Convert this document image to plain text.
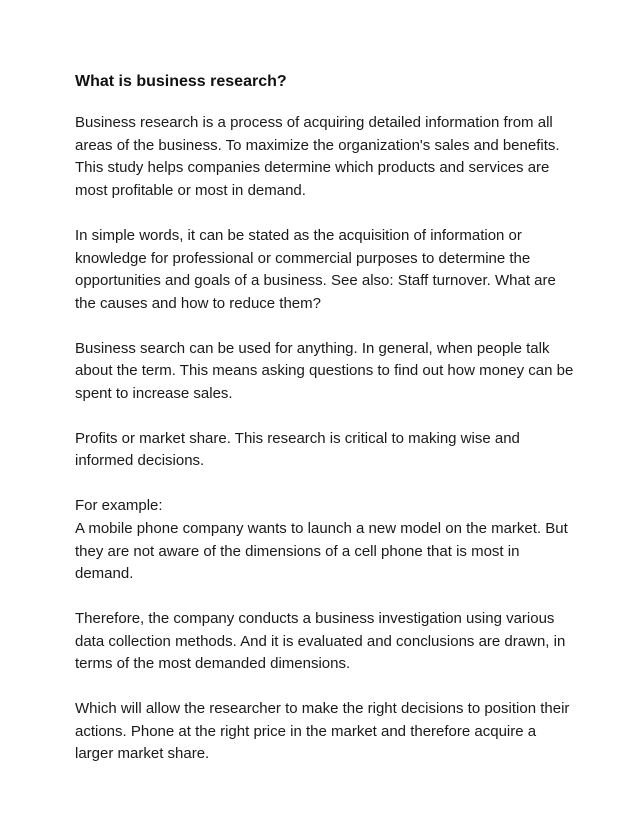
What is business research?

Business research is a process of acquiring detailed information from all
areas of the business. To maximize the organization's sales and benefits.
This study helps companies determine which products and services are
most profitable or most in demand.

In simple words, it can be stated as the acquisition of information or
knowledge for professional or commercial purposes to determine the
opportunities and goals of a business. See also: Staff turnover. What are
the causes and how to reduce them?

Business search can be used for anything. In general, when people talk
about the term. This means asking questions to find out how money can be
spent to increase sales.

Profits or market share. This research is critical to making wise and
informed decisions.

For example:
A mobile phone company wants to launch a new model on the market. But
they are not aware of the dimensions of a cell phone that is most in
demand.

Therefore, the company conducts a business investigation using various
data collection methods. And it is evaluated and conclusions are drawn, in
terms of the most demanded dimensions.

Which will allow the researcher to make the right decisions to position their
actions. Phone at the right price in the market and therefore acquire a
larger market share.
